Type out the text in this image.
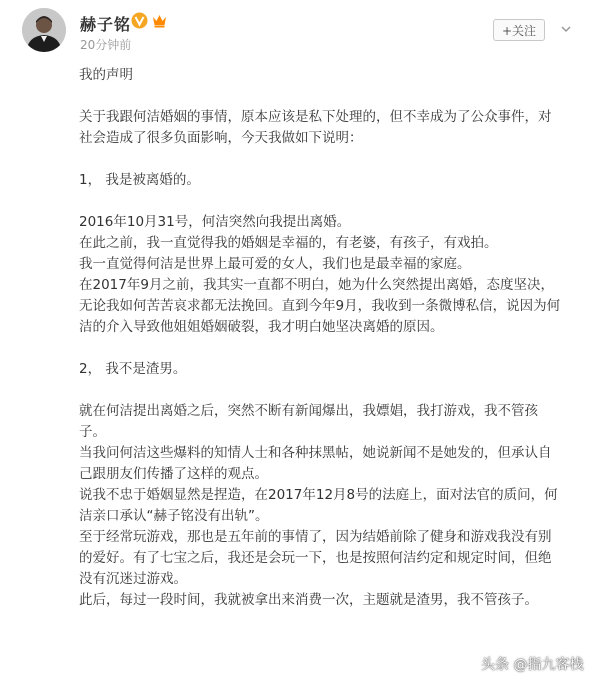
赫子铭
20分钟前
+关注

我的声明

关于我跟何洁婚姻的事情，原本应该是私下处理的，但不幸成为了公众事件，对

社会造成了很多负面影响，今天我做如下说明：

1， 我是被离婚的。

2016年10月31号，何洁突然向我提出离婚。

在此之前，我一直觉得我的婚姻是幸福的，有老婆，有孩子，有戏拍。

我一直觉得何洁是世界上最可爱的女人，我们也是最幸福的家庭。

在2017年9月之前，我其实一直都不明白，她为什么突然提出离婚，态度坚决，

无论我如何苦苦哀求都无法挽回。直到今年9月，我收到一条微博私信，说因为何

洁的介入导致他姐姐婚姻破裂，我才明白她坚决离婚的原因。

2， 我不是渣男。

就在何洁提出离婚之后，突然不断有新闻爆出，我嫖娼，我打游戏，我不管孩

子。

当我问何洁这些爆料的知情人士和各种抹黑帖，她说新闻不是她发的，但承认自

己跟朋友们传播了这样的观点。

说我不忠于婚姻显然是捏造，在2017年12月8号的法庭上，面对法官的质问，何

洁亲口承认“赫子铭没有出轨”。

至于经常玩游戏，那也是五年前的事情了，因为结婚前除了健身和游戏我没有别

的爱好。有了七宝之后，我还是会玩一下，也是按照何洁约定和规定时间，但绝

没有沉迷过游戏。

此后，每过一段时间，我就被拿出来消费一次，主题就是渣男，我不管孩子。

头条 @指九客栈
